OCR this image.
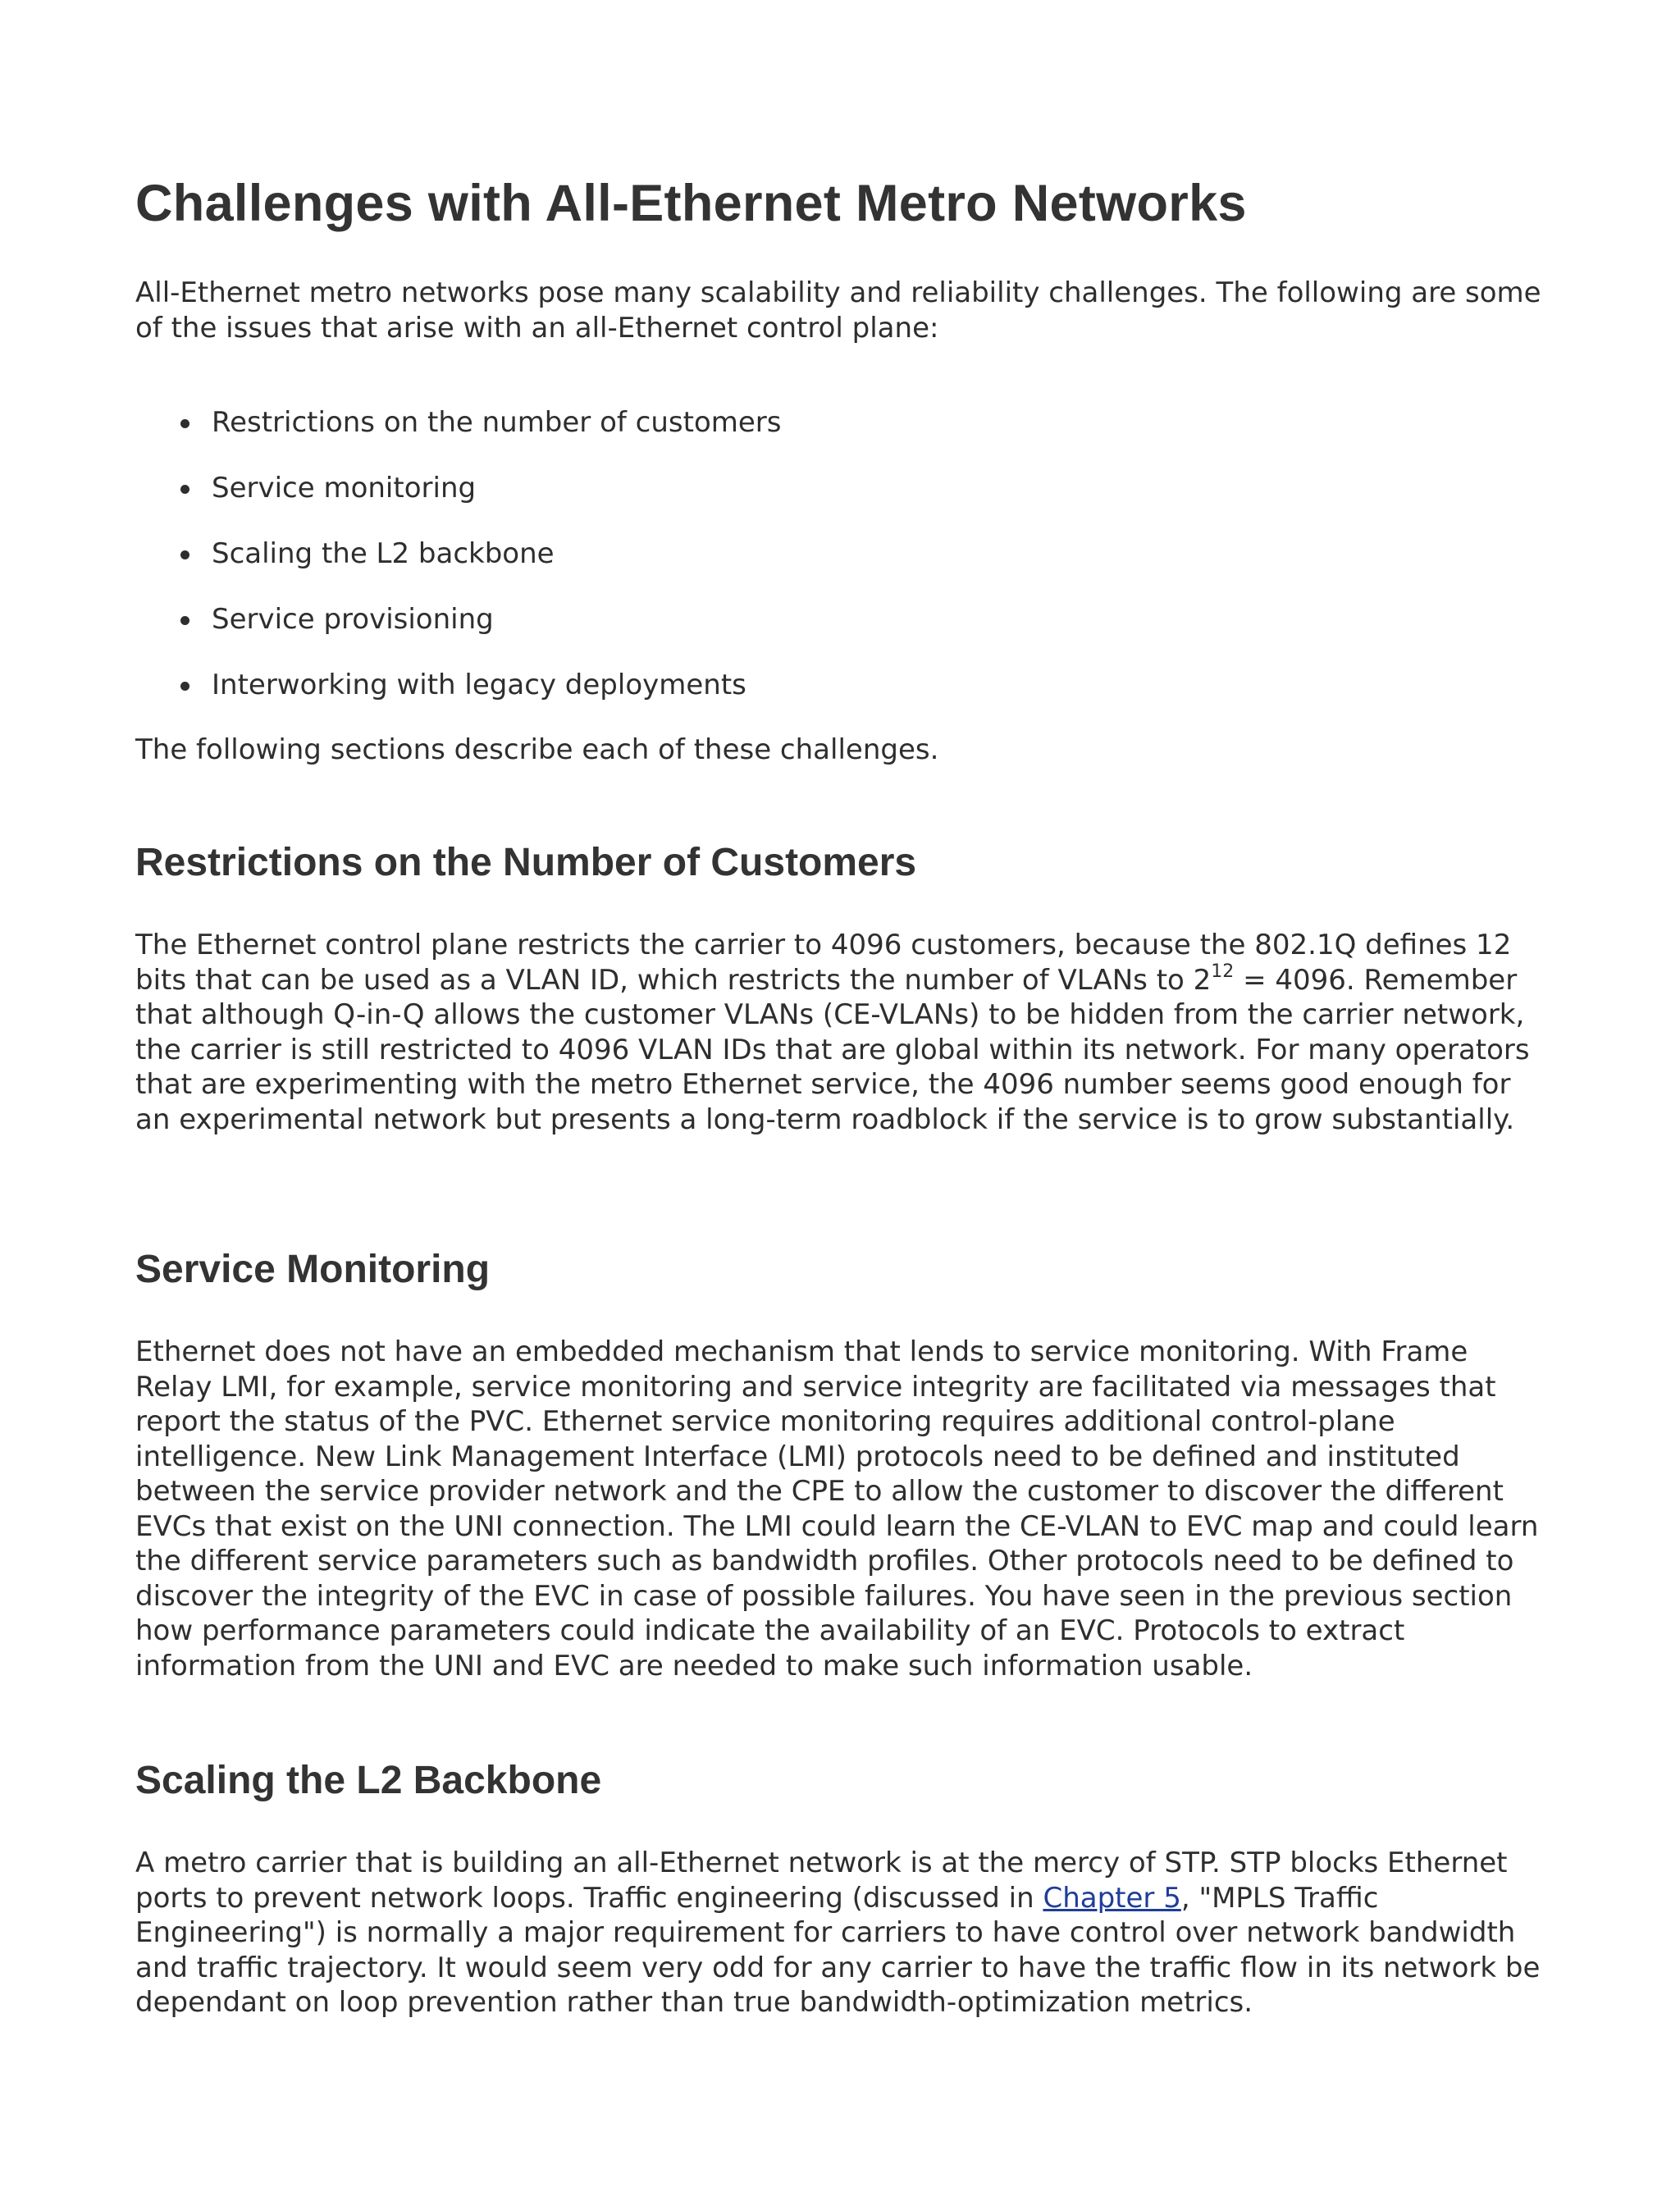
Challenges with All-Ethernet Metro Networks

All-Ethernet metro networks pose many scalability and reliability challenges. The following are some of the issues that arise with an all-Ethernet control plane:

Restrictions on the number of customers
Service monitoring
Scaling the L2 backbone
Service provisioning
Interworking with legacy deployments

The following sections describe each of these challenges.

Restrictions on the Number of Customers

The Ethernet control plane restricts the carrier to 4096 customers, because the 802.1Q defines 12 bits that can be used as a VLAN ID, which restricts the number of VLANs to $2^{12} = 4096$. Remember that although Q-in-Q allows the customer VLANs (CE-VLANs) to be hidden from the carrier network, the carrier is still restricted to 4096 VLAN IDs that are global within its network. For many operators that are experimenting with the metro Ethernet service, the 4096 number seems good enough for an experimental network but presents a long-term roadblock if the service is to grow substantially.

Service Monitoring

Ethernet does not have an embedded mechanism that lends to service monitoring. With Frame Relay LMI, for example, service monitoring and service integrity are facilitated via messages that report the status of the PVC. Ethernet service monitoring requires additional control-plane intelligence. New Link Management Interface (LMI) protocols need to be defined and instituted between the service provider network and the CPE to allow the customer to discover the different EVCs that exist on the UNI connection. The LMI could learn the CE-VLAN to EVC map and could learn the different service parameters such as bandwidth profiles. Other protocols need to be defined to discover the integrity of the EVC in case of possible failures. You have seen in the previous section how performance parameters could indicate the availability of an EVC. Protocols to extract information from the UNI and EVC are needed to make such information usable.

Scaling the L2 Backbone

A metro carrier that is building an all-Ethernet network is at the mercy of STP. STP blocks Ethernet ports to prevent network loops. Traffic engineering (discussed in Chapter 5, "MPLS Traffic Engineering") is normally a major requirement for carriers to have control over network bandwidth and traffic trajectory. It would seem very odd for any carrier to have the traffic flow in its network be dependant on loop prevention rather than true bandwidth-optimization metrics.
